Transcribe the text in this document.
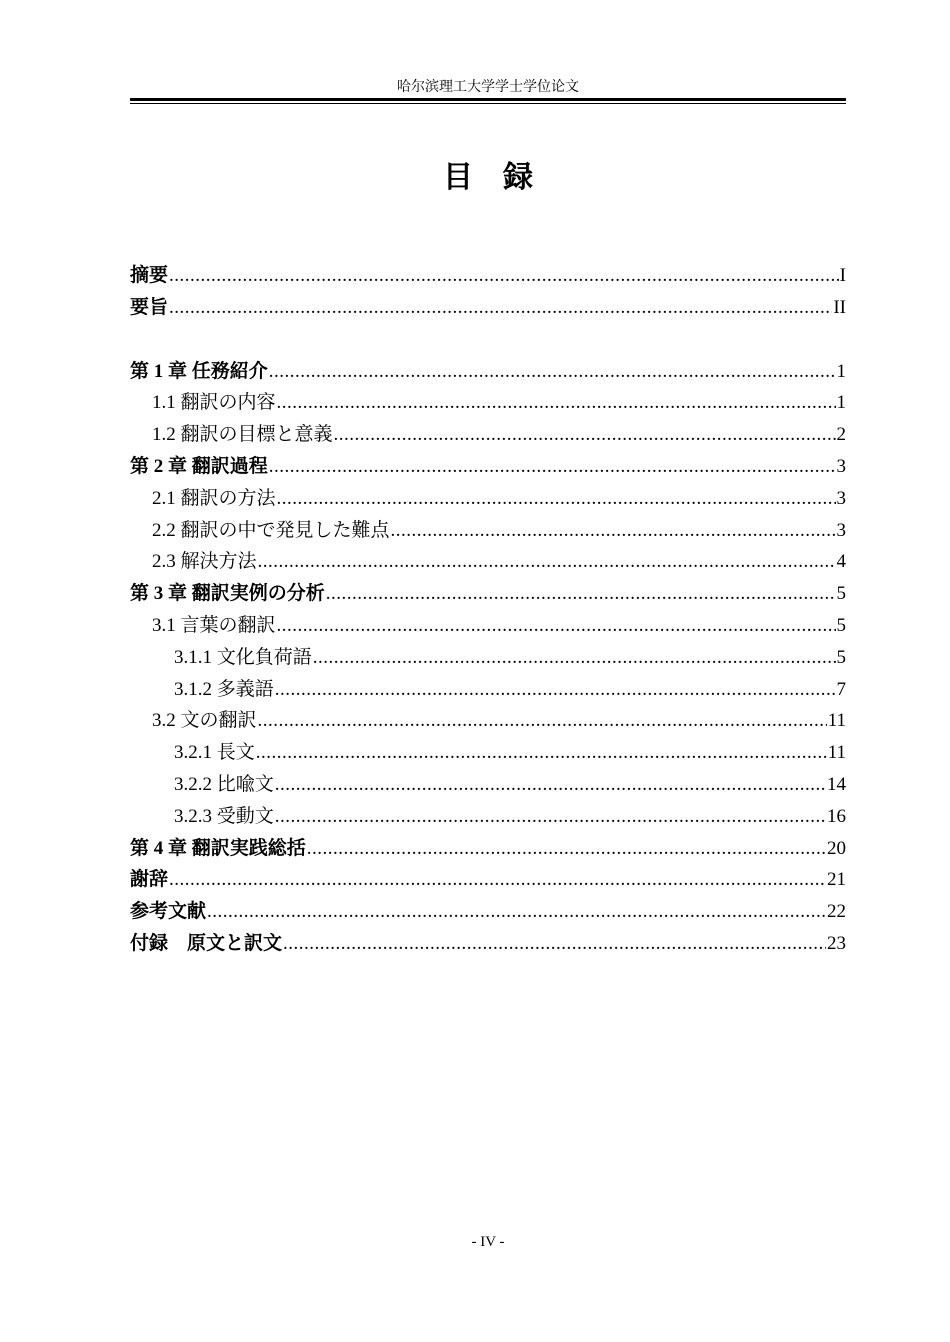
哈尔滨理工大学学士学位论文
目　録
摘要 .....	I
要旨 .....	II
第 1 章 任務紹介 .....	1
1.1 翻訳の内容 .....	1
1.2 翻訳の目標と意義 .....	2
第 2 章 翻訳過程 .....	3
2.1 翻訳の方法 .....	3
2.2 翻訳の中で発見した難点 .....	3
2.3 解決方法 .....	4
第 3 章 翻訳実例の分析 .....	5
3.1 言葉の翻訳 .....	5
3.1.1 文化負荷語 .....	5
3.1.2 多義語 .....	7
3.2 文の翻訳 .....	11
3.2.1 長文 .....	11
3.2.2 比喩文 .....	14
3.2.3 受動文 .....	16
第 4 章 翻訳実践総括 .....	20
謝辞 .....	21
参考文献 .....	22
付録　原文と訳文 .....	23
- IV -
